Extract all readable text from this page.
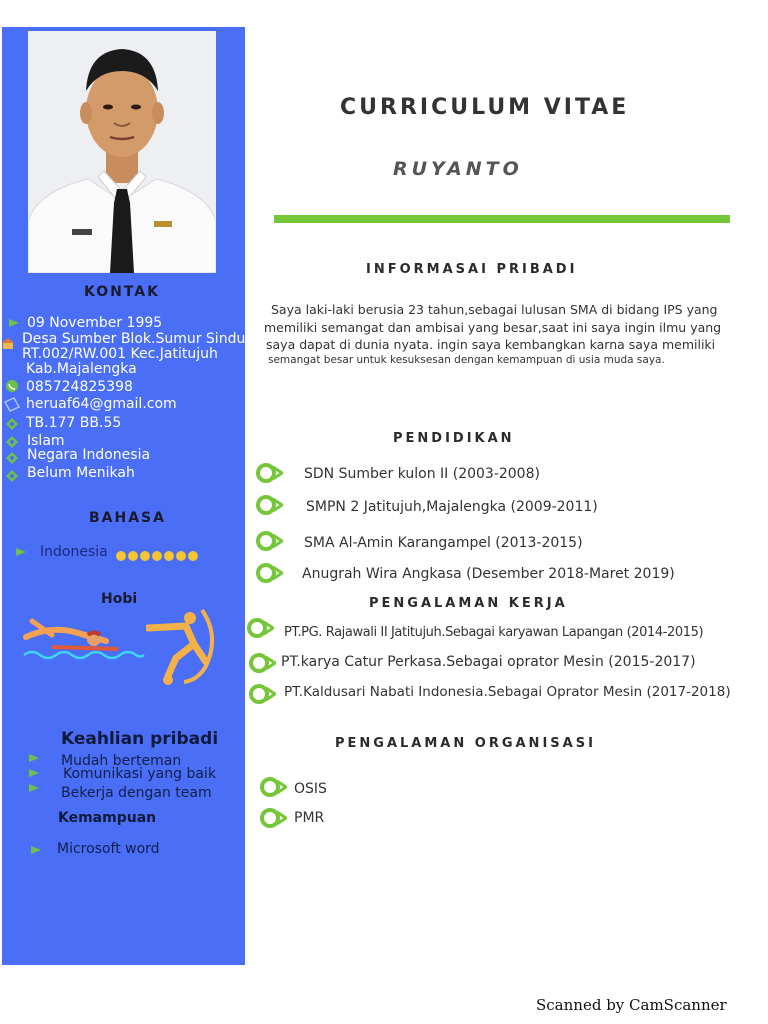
KONTAK
09 November 1995
Desa Sumber Blok.Sumur Sindu
RT.002/RW.001 Kec.Jatitujuh
Kab.Majalengka
085724825398
heruaf64@gmail.com
TB.177 BB.55
Islam
Negara Indonesia
Belum Menikah
BAHASA
Indonesia
Hobi
Keahlian pribadi
Mudah berteman
Komunikasi yang baik
Bekerja dengan team
Kemampuan
Microsoft word
CURRICULUM VITAE
RUYANTO
INFORMASAI PRIBADI
Saya laki-laki berusia 23 tahun,sebagai lulusan SMA di bidang IPS yang
memiliki semangat dan ambisai yang besar,saat ini saya ingin ilmu yang
saya dapat di dunia nyata. ingin saya kembangkan karna saya memiliki
semangat besar untuk kesuksesan dengan kemampuan di usia muda saya.
PENDIDIKAN
SDN Sumber kulon II (2003-2008)
SMPN 2 Jatitujuh,Majalengka (2009-2011)
SMA Al-Amin Karangampel (2013-2015)
Anugrah Wira Angkasa (Desember 2018-Maret 2019)
PENGALAMAN KERJA
PT.PG. Rajawali II Jatitujuh.Sebagai karyawan Lapangan (2014-2015)
PT.karya Catur Perkasa.Sebagai oprator Mesin (2015-2017)
PT.Kaldusari Nabati Indonesia.Sebagai Oprator Mesin (2017-2018)
PENGALAMAN ORGANISASI
OSIS
PMR
Scanned by CamScanner
